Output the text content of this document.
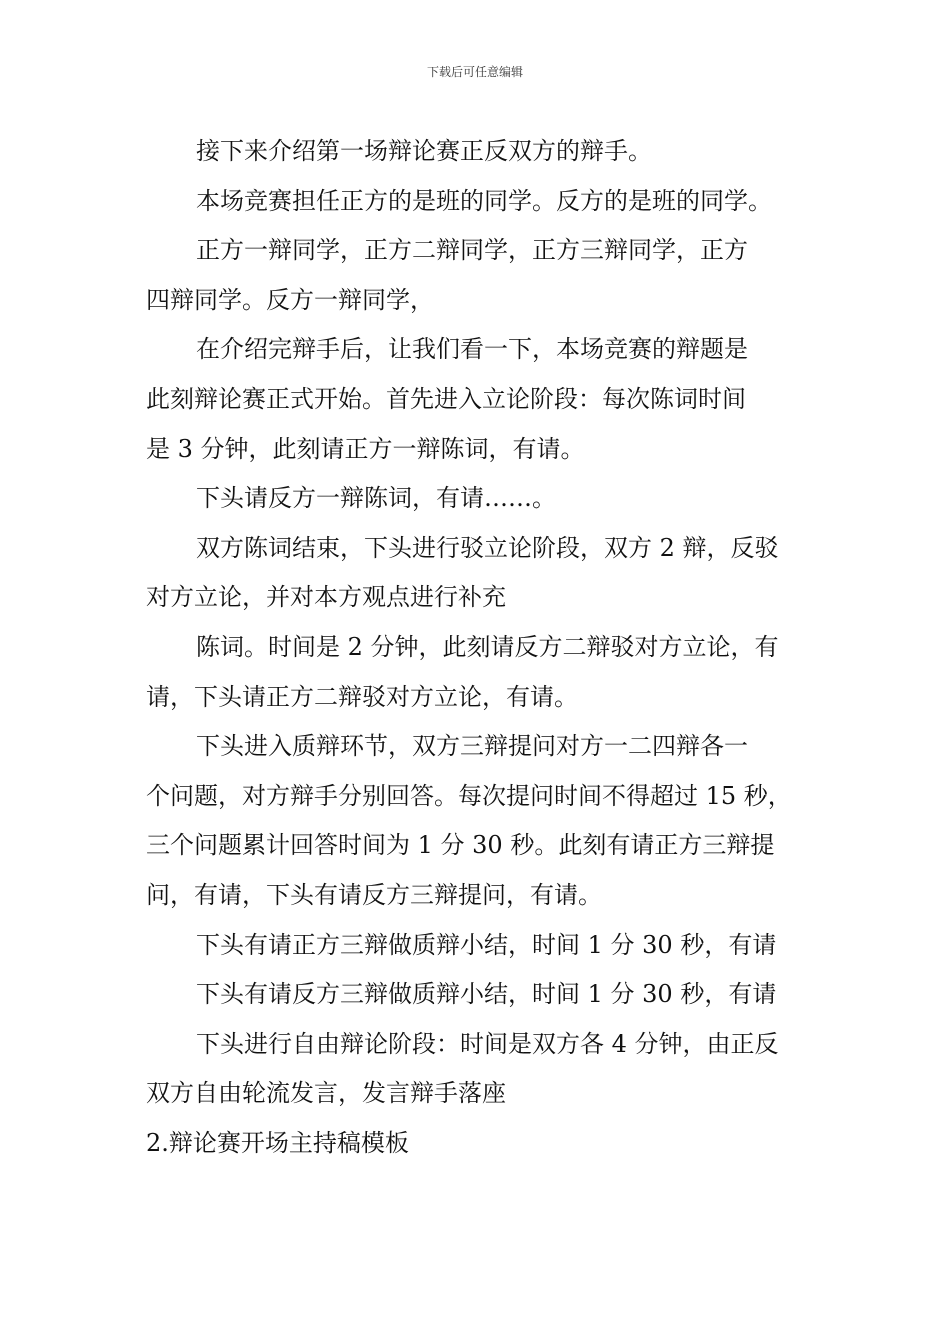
下载后可任意编辑

接下来介绍第一场辩论赛正反双方的辩手。

本场竞赛担任正方的是班的同学。反方的是班的同学。

正方一辩同学，正方二辩同学，正方三辩同学，正方

四辩同学。反方一辩同学，

在介绍完辩手后，让我们看一下，本场竞赛的辩题是

此刻辩论赛正式开始。首先进入立论阶段：每次陈词时间

是 3 分钟，此刻请正方一辩陈词，有请。

下头请反方一辩陈词，有请……。

双方陈词结束，下头进行驳立论阶段，双方 2 辩，反驳

对方立论，并对本方观点进行补充

陈词。时间是 2 分钟，此刻请反方二辩驳对方立论，有

请，下头请正方二辩驳对方立论，有请。

下头进入质辩环节，双方三辩提问对方一二四辩各一

个问题，对方辩手分别回答。每次提问时间不得超过 15 秒，

三个问题累计回答时间为 1 分 30 秒。此刻有请正方三辩提

问，有请，下头有请反方三辩提问，有请。

下头有请正方三辩做质辩小结，时间 1 分 30 秒，有请

下头有请反方三辩做质辩小结，时间 1 分 30 秒，有请

下头进行自由辩论阶段：时间是双方各 4 分钟，由正反

双方自由轮流发言，发言辩手落座

2.辩论赛开场主持稿模板
